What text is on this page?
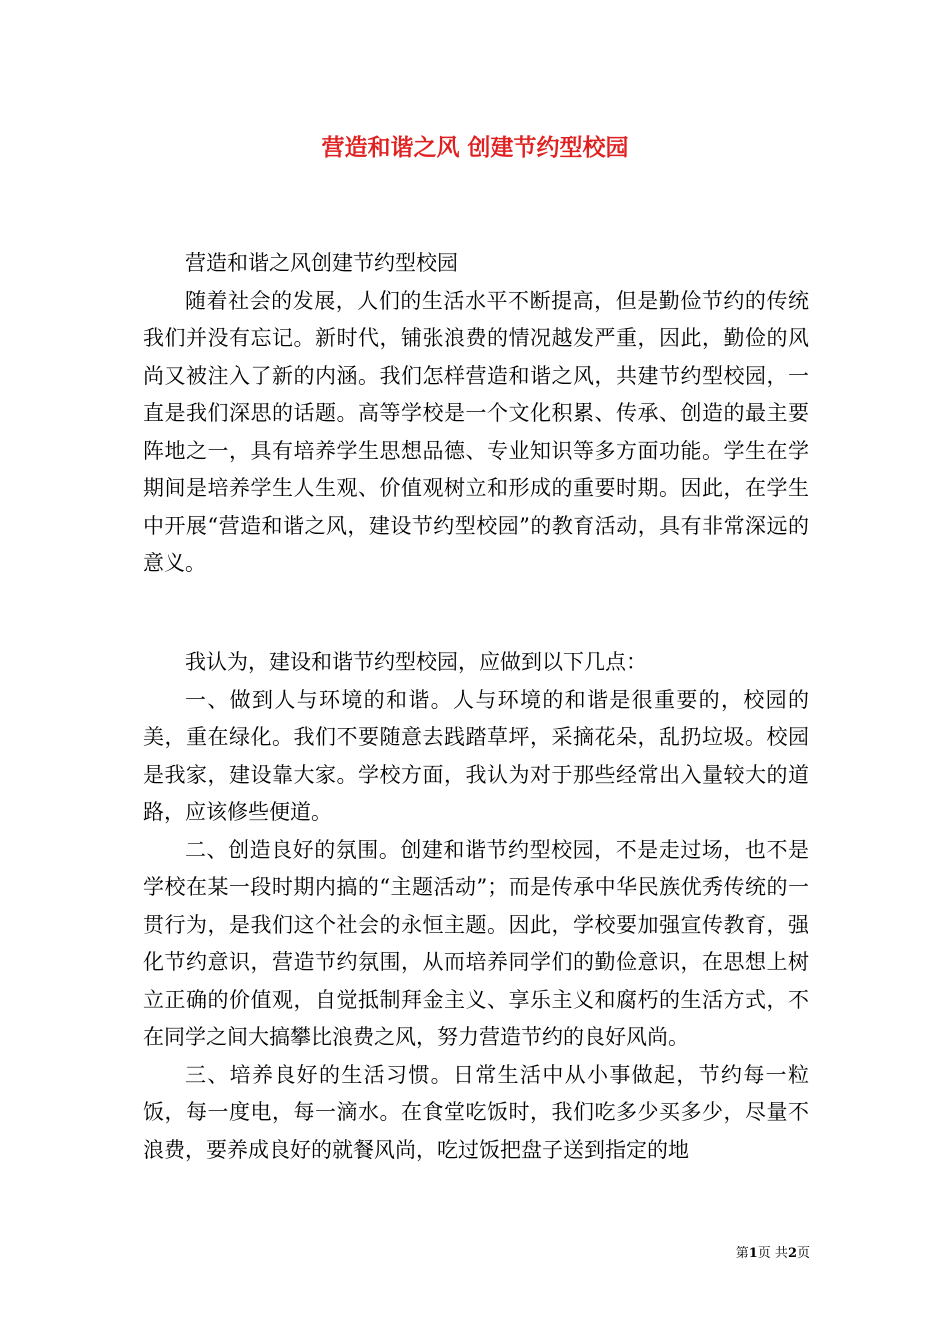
营造和谐之风 创建节约型校园

营造和谐之风创建节约型校园

随着社会的发展，人们的生活水平不断提高，但是勤俭节约的传统我们并没有忘记。新时代，铺张浪费的情况越发严重，因此，勤俭的风尚又被注入了新的内涵。我们怎样营造和谐之风，共建节约型校园，一直是我们深思的话题。高等学校是一个文化积累、传承、创造的最主要阵地之一，具有培养学生思想品德、专业知识等多方面功能。学生在学期间是培养学生人生观、价值观树立和形成的重要时期。因此，在学生中开展“营造和谐之风，建设节约型校园”的教育活动，具有非常深远的意义。

我认为，建设和谐节约型校园，应做到以下几点：

一、做到人与环境的和谐。人与环境的和谐是很重要的，校园的美，重在绿化。我们不要随意去践踏草坪，采摘花朵，乱扔垃圾。校园是我家，建设靠大家。学校方面，我认为对于那些经常出入量较大的道路，应该修些便道。

二、创造良好的氛围。创建和谐节约型校园，不是走过场，也不是学校在某一段时期内搞的“主题活动”；而是传承中华民族优秀传统的一贯行为，是我们这个社会的永恒主题。因此，学校要加强宣传教育，强化节约意识，营造节约氛围，从而培养同学们的勤俭意识，在思想上树立正确的价值观，自觉抵制拜金主义、享乐主义和腐朽的生活方式，不在同学之间大搞攀比浪费之风，努力营造节约的良好风尚。

三、培养良好的生活习惯。日常生活中从小事做起，节约每一粒饭，每一度电，每一滴水。在食堂吃饭时，我们吃多少买多少，尽量不浪费，要养成良好的就餐风尚，吃过饭把盘子送到指定的地

第1页 共2页
